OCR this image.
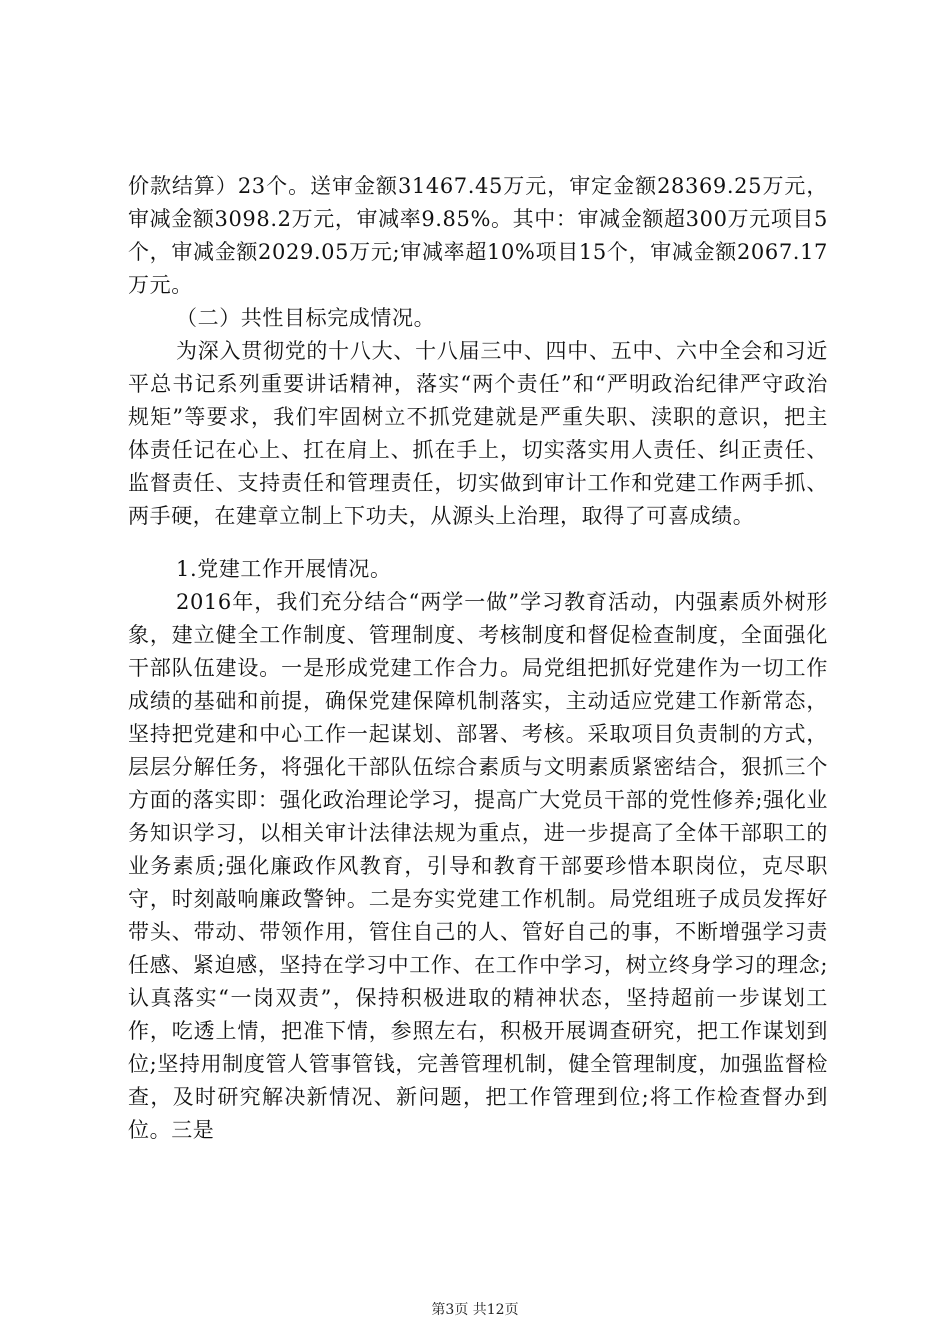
价款结算）23个。送审金额31467.45万元，审定金额28369.25万元，审减金额3098.2万元，审减率9.85%。其中：审减金额超300万元项目5个，审减金额2029.05万元;审减率超10%项目15个，审减金额2067.17万元。

（二）共性目标完成情况。

为深入贯彻党的十八大、十八届三中、四中、五中、六中全会和习近平总书记系列重要讲话精神，落实“两个责任”和“严明政治纪律严守政治规矩”等要求，我们牢固树立不抓党建就是严重失职、渎职的意识，把主体责任记在心上、扛在肩上、抓在手上，切实落实用人责任、纠正责任、监督责任、支持责任和管理责任，切实做到审计工作和党建工作两手抓、两手硬，在建章立制上下功夫，从源头上治理，取得了可喜成绩。

1.党建工作开展情况。

2016年，我们充分结合“两学一做”学习教育活动，内强素质外树形象，建立健全工作制度、管理制度、考核制度和督促检查制度，全面强化干部队伍建设。一是形成党建工作合力。局党组把抓好党建作为一切工作成绩的基础和前提，确保党建保障机制落实，主动适应党建工作新常态，坚持把党建和中心工作一起谋划、部署、考核。采取项目负责制的方式，层层分解任务，将强化干部队伍综合素质与文明素质紧密结合，狠抓三个方面的落实即：强化政治理论学习，提高广大党员干部的党性修养;强化业务知识学习，以相关审计法律法规为重点，进一步提高了全体干部职工的业务素质;强化廉政作风教育，引导和教育干部要珍惜本职岗位，克尽职守，时刻敲响廉政警钟。二是夯实党建工作机制。局党组班子成员发挥好带头、带动、带领作用，管住自己的人、管好自己的事，不断增强学习责任感、紧迫感，坚持在学习中工作、在工作中学习，树立终身学习的理念;认真落实“一岗双责”，保持积极进取的精神状态，坚持超前一步谋划工作，吃透上情，把准下情，参照左右，积极开展调查研究，把工作谋划到位;坚持用制度管人管事管钱，完善管理机制，健全管理制度，加强监督检查，及时研究解决新情况、新问题，把工作管理到位;将工作检查督办到位。三是

第3页 共12页
